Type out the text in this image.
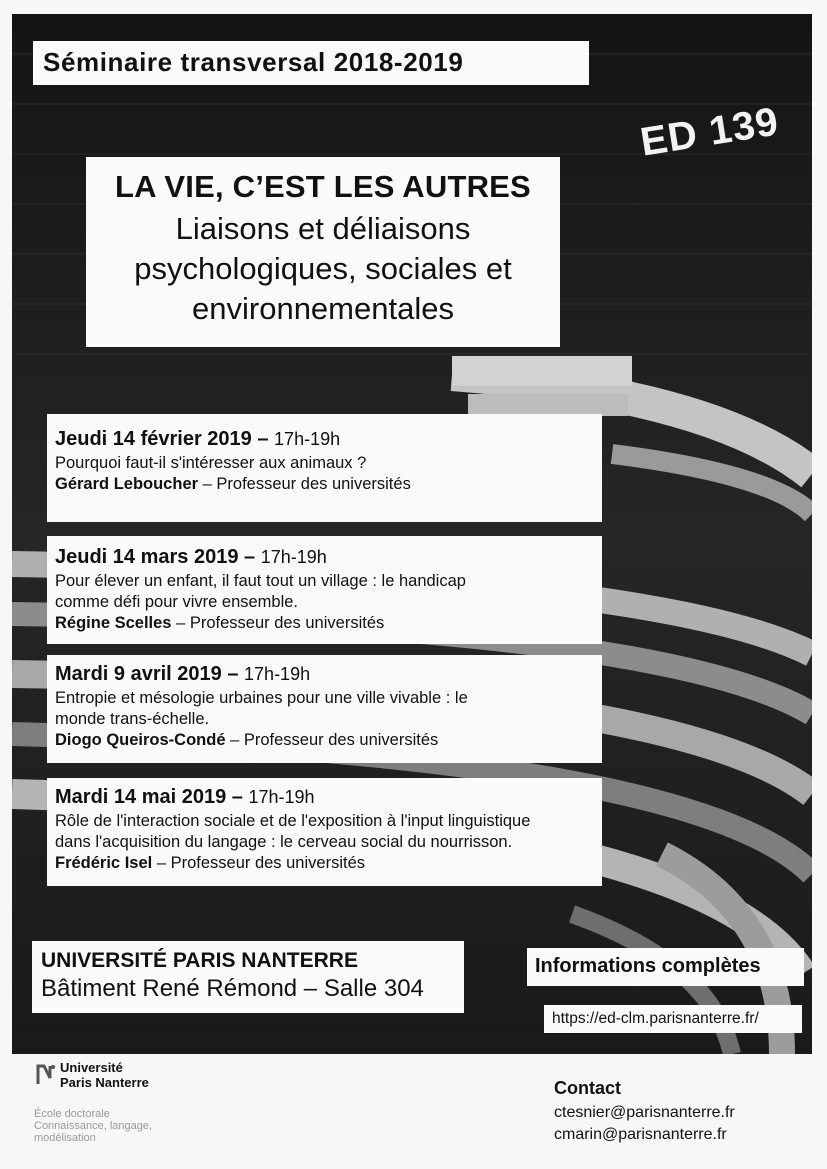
Séminaire transversal 2018-2019
ED 139
LA VIE, C’EST LES AUTRES
Liaisons et déliaisons
psychologiques, sociales et
environnementales
Jeudi 14 février 2019 – 17h-19h
Pourquoi faut-il s'intéresser aux animaux ?
Gérard Leboucher – Professeur des universités
Jeudi 14 mars 2019 – 17h-19h
Pour élever un enfant, il faut tout un village : le handicap
comme défi pour vivre ensemble.
Régine Scelles – Professeur des universités
Mardi 9 avril 2019 – 17h-19h
Entropie et mésologie urbaines pour une ville vivable : le
monde trans-échelle.
Diogo Queiros-Condé – Professeur des universités
Mardi 14 mai 2019 – 17h-19h
Rôle de l'interaction sociale et de l'exposition à l'input linguistique
dans l'acquisition du langage : le cerveau social du nourrisson.
Frédéric Isel – Professeur des universités
UNIVERSITÉ PARIS NANTERRE
Bâtiment René Rémond – Salle 304
Informations complètes
https://ed-clm.parisnanterre.fr/
Université
Paris Nanterre
École doctorale
Connaissance, langage,
modélisation
Contact
ctesnier@parisnanterre.fr
cmarin@parisnanterre.fr
